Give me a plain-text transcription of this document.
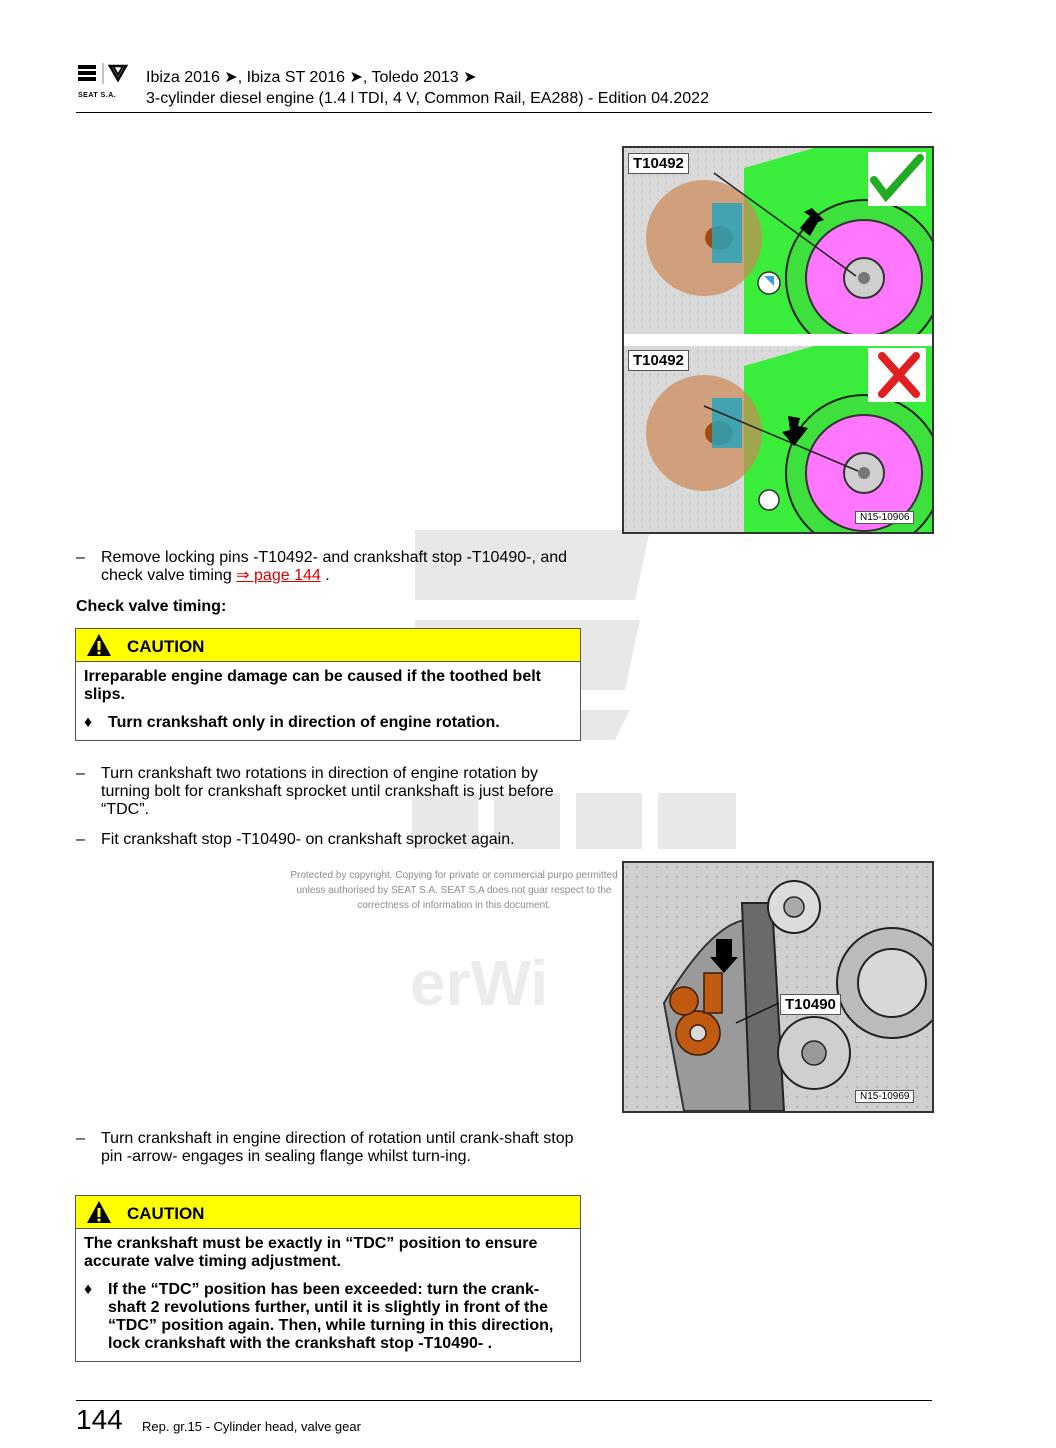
SEAT S.A.
Ibiza 2016 ➤, Ibiza ST 2016 ➤, Toledo 2013 ➤
3-cylinder diesel engine (1.4 l TDI, 4 V, Common Rail, EA288) - Edition 04.2022
erWi
Protected by copyright. Copying for private or commercial purpo permitted unless authorised by SEAT S.A. SEAT S.A does not guar respect to the correctness of information in this document.
T10492
T10492
N15-10906
– Remove locking pins -T10492- and crankshaft stop -T10490-, and check valve timing ⇒ page 144 .
Check valve timing:
CAUTION
Irreparable engine damage can be caused if the toothed belt slips.
♦ Turn crankshaft only in direction of engine rotation.
– Turn crankshaft two rotations in direction of engine rotation by turning bolt for crankshaft sprocket until crankshaft is just before “TDC”.
– Fit crankshaft stop -T10490- on crankshaft sprocket again.
T10490
N15-10969
– Turn crankshaft in engine direction of rotation until crank-shaft stop pin -arrow- engages in sealing flange whilst turn-ing.
CAUTION
The crankshaft must be exactly in “TDC” position to ensure accurate valve timing adjustment.
♦ If the “TDC” position has been exceeded: turn the crank-shaft 2 revolutions further, until it is slightly in front of the “TDC” position again. Then, while turning in this direction, lock crankshaft with the crankshaft stop -T10490- .
144 Rep. gr.15 - Cylinder head, valve gear
